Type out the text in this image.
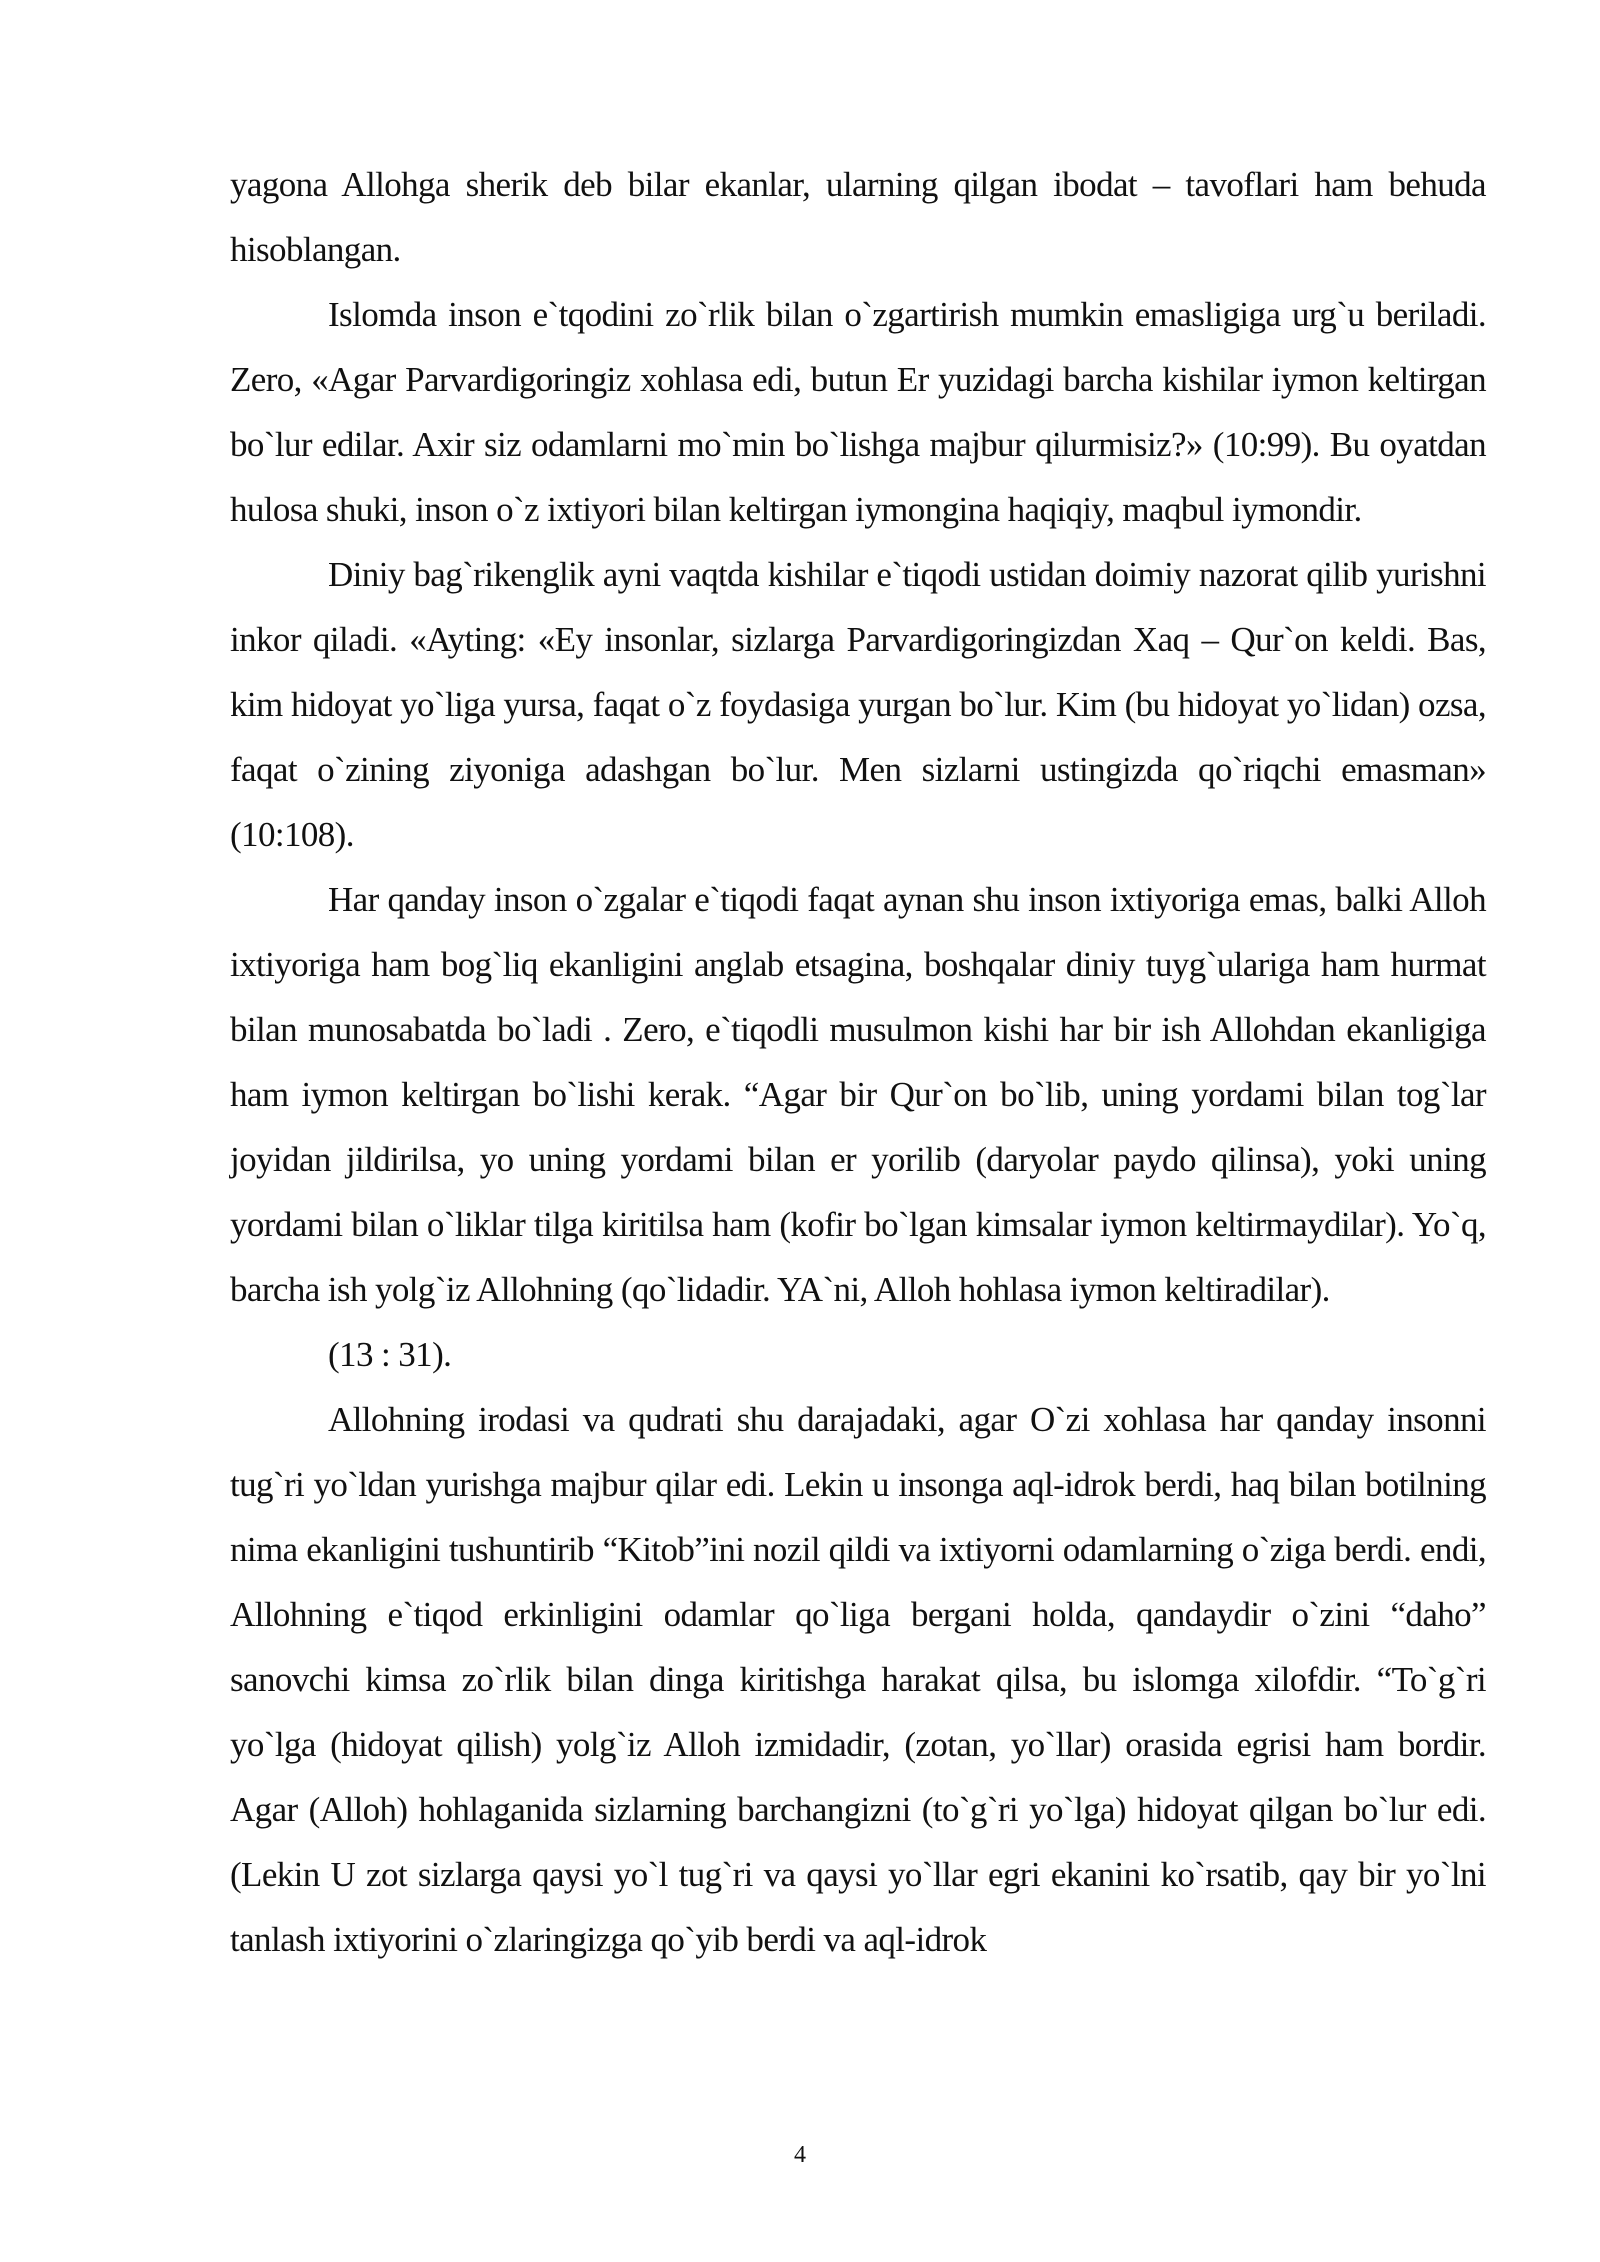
yagona Allohga sherik deb bilar ekanlar, ularning qilgan ibodat – tavoflari ham behuda hisoblangan.

Islomda inson e`tqodini zo`rlik bilan o`zgartirish mumkin emasligiga urg`u beriladi. Zero, «Agar Parvardigoringiz xohlasa edi, butun Er yuzidagi barcha kishilar iymon keltirgan bo`lur edilar. Axir siz odamlarni mo`min bo`lishga majbur qilurmisiz?» (10:99). Bu oyatdan hulosa shuki, inson o`z ixtiyori bilan keltirgan iymongina haqiqiy, maqbul iymondir.

Diniy bag`rikenglik ayni vaqtda kishilar e`tiqodi ustidan doimiy nazorat qilib yurishni inkor qiladi. «Ayting: «Ey insonlar, sizlarga Parvardigoringizdan Xaq – Qur`on keldi. Bas, kim hidoyat yo`liga yursa, faqat o`z foydasiga yurgan bo`lur. Kim (bu hidoyat yo`lidan) ozsa, faqat o`zining ziyoniga adashgan bo`lur. Men sizlarni ustingizda qo`riqchi emasman» (10:108).

Har qanday inson o`zgalar e`tiqodi faqat aynan shu inson ixtiyoriga emas, balki Alloh ixtiyoriga ham bog`liq ekanligini anglab etsagina, boshqalar diniy tuyg`ulariga ham hurmat bilan munosabatda bo`ladi . Zero, e`tiqodli musulmon kishi har bir ish Allohdan ekanligiga ham iymon keltirgan bo`lishi kerak. “Agar bir Qur`on bo`lib, uning yordami bilan tog`lar joyidan jildirilsa, yo uning yordami bilan er yorilib (daryolar paydo qilinsa), yoki uning yordami bilan o`liklar tilga kiritilsa ham (kofir bo`lgan kimsalar iymon keltirmaydilar). Yo`q, barcha ish yolg`iz Allohning (qo`lidadir. YA`ni, Alloh hohlasa iymon keltiradilar).

(13 : 31).

Allohning irodasi va qudrati shu darajadaki, agar O`zi xohlasa har qanday insonni tug`ri yo`ldan yurishga majbur qilar edi. Lekin u insonga aql-idrok berdi, haq bilan botilning nima ekanligini tushuntirib “Kitob”ini nozil qildi va ixtiyorni odamlarning o`ziga berdi. endi, Allohning e`tiqod erkinligini odamlar qo`liga bergani holda, qandaydir o`zini “daho” sanovchi kimsa zo`rlik bilan dinga kiritishga harakat qilsa, bu islomga xilofdir. “To`g`ri yo`lga (hidoyat qilish) yolg`iz Alloh izmidadir, (zotan, yo`llar) orasida egrisi ham bordir. Agar (Alloh) hohlaganida sizlarning barchangizni (to`g`ri yo`lga) hidoyat qilgan bo`lur edi. (Lekin U zot sizlarga qaysi yo`l tug`ri va qaysi yo`llar egri ekanini ko`rsatib, qay bir yo`lni tanlash ixtiyorini o`zlaringizga qo`yib berdi va aql-idrok

4
